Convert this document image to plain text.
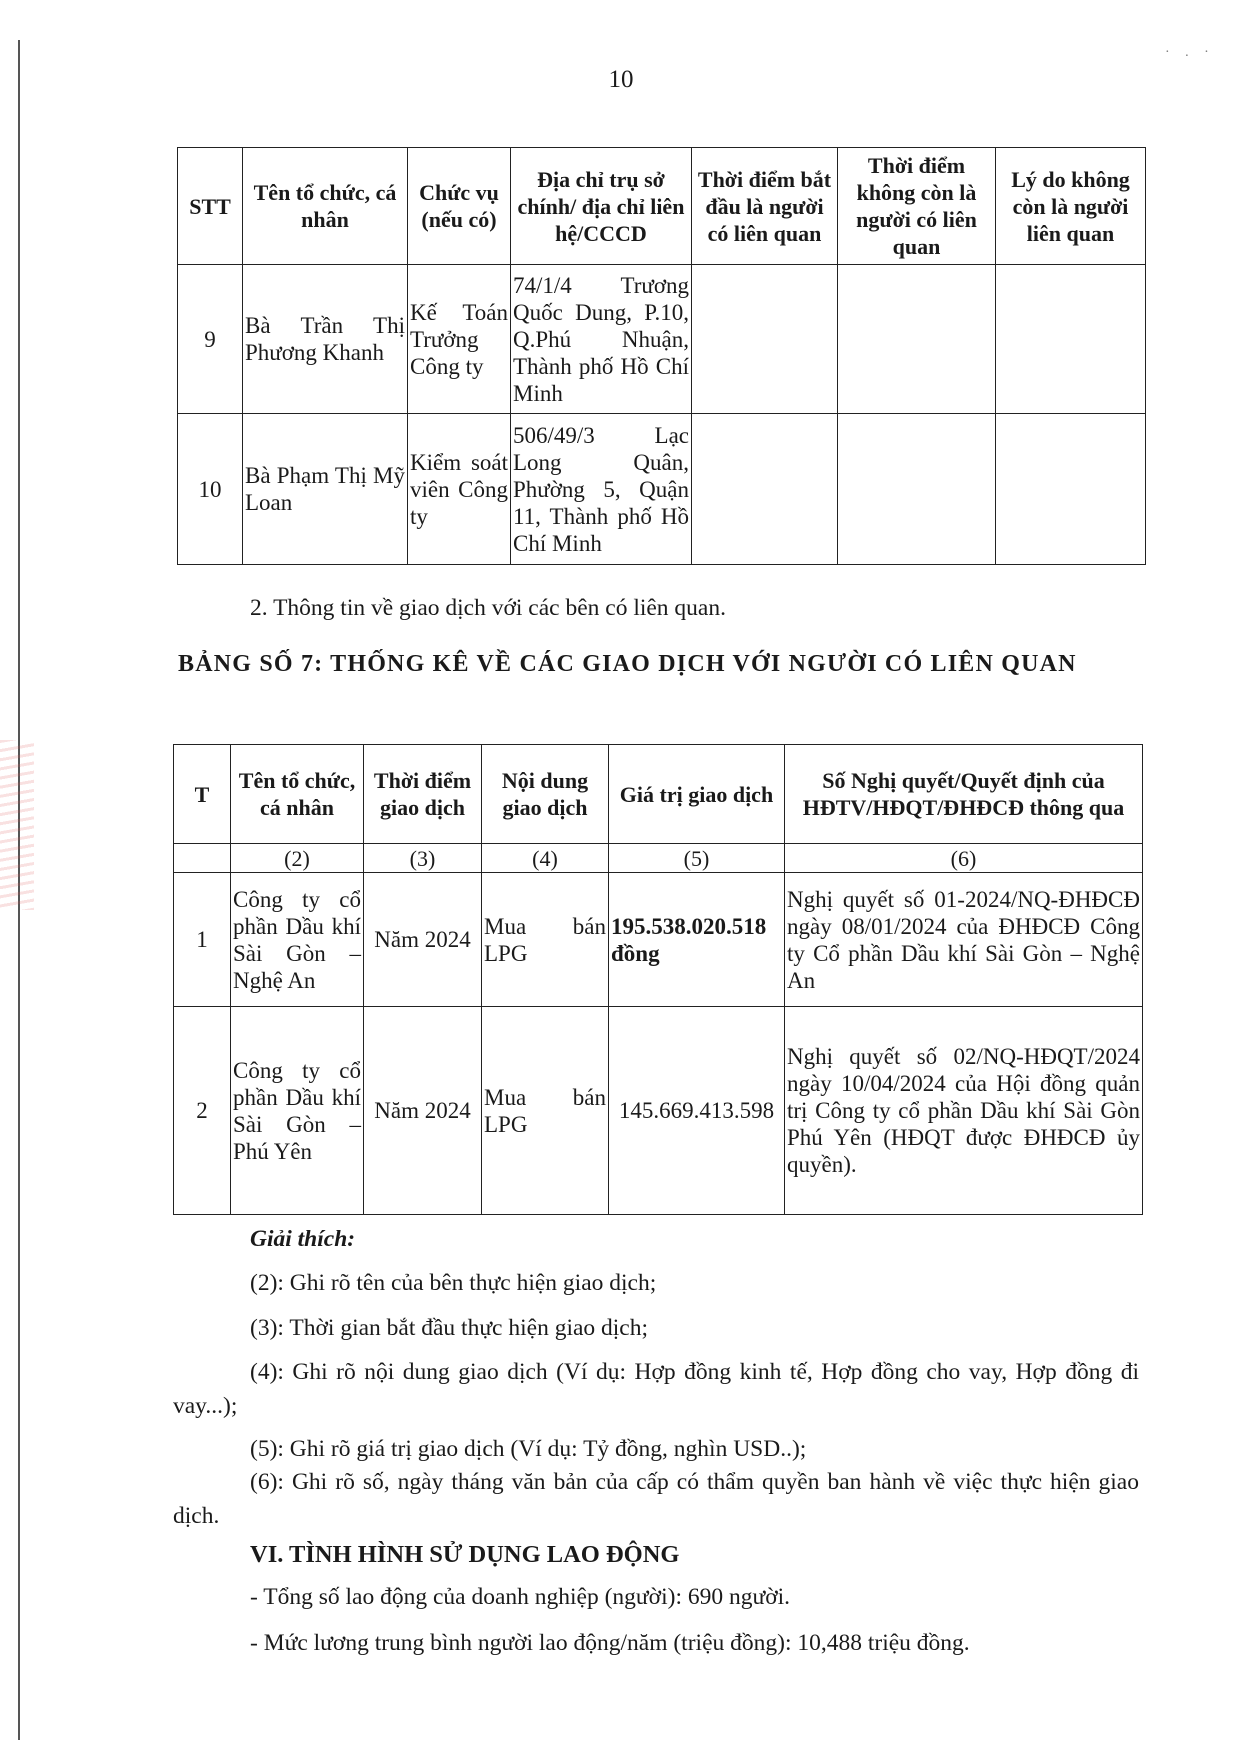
· . ·
10
STT	Tên tổ chức, cá nhân	Chức vụ (nếu có)	Địa chỉ trụ sở chính/ địa chỉ liên hệ/CCCD	Thời điểm bắt đầu là người có liên quan	Thời điểm không còn là người có liên quan	Lý do không còn là người liên quan
9	Bà Trần Thị Phương Khanh	Kế Toán Trưởng Công ty	74/1/4 Trương Quốc Dung, P.10, Q.Phú Nhuận, Thành phố Hồ Chí Minh			
10	Bà Phạm Thị Mỹ Loan	Kiểm soát viên Công ty	506/49/3 Lạc Long Quân, Phường 5, Quận 11, Thành phố Hồ Chí Minh			
2. Thông tin về giao dịch với các bên có liên quan.
BẢNG SỐ 7: THỐNG KÊ VỀ CÁC GIAO DỊCH VỚI NGƯỜI CÓ LIÊN QUAN
T	Tên tổ chức, cá nhân	Thời điểm giao dịch	Nội dung giao dịch	Giá trị giao dịch	Số Nghị quyết/Quyết định của HĐTV/HĐQT/ĐHĐCĐ thông qua
	(2)	(3)	(4)	(5)	(6)
1	Công ty cổ phần Dầu khí Sài Gòn – Nghệ An	Năm 2024	Mua bán LPG	195.538.020.518 đồng	Nghị quyết số 01-2024/NQ-ĐHĐCĐ ngày 08/01/2024 của ĐHĐCĐ Công ty Cổ phần Dầu khí Sài Gòn – Nghệ An
2	Công ty cổ phần Dầu khí Sài Gòn – Phú Yên	Năm 2024	Mua bán LPG	145.669.413.598	Nghị quyết số 02/NQ-HĐQT/2024 ngày 10/04/2024 của Hội đồng quản trị Công ty cổ phần Dầu khí Sài Gòn Phú Yên (HĐQT được ĐHĐCĐ ủy quyền).
Giải thích:
(2): Ghi rõ tên của bên thực hiện giao dịch;
(3): Thời gian bắt đầu thực hiện giao dịch;
(4): Ghi rõ nội dung giao dịch (Ví dụ: Hợp đồng kinh tế, Hợp đồng cho vay, Hợp đồng đi vay...);
(5): Ghi rõ giá trị giao dịch (Ví dụ: Tỷ đồng, nghìn USD..);
(6): Ghi rõ số, ngày tháng văn bản của cấp có thẩm quyền ban hành về việc thực hiện giao dịch.
VI. TÌNH HÌNH SỬ DỤNG LAO ĐỘNG
- Tổng số lao động của doanh nghiệp (người): 690 người.
- Mức lương trung bình người lao động/năm (triệu đồng): 10,488 triệu đồng.
